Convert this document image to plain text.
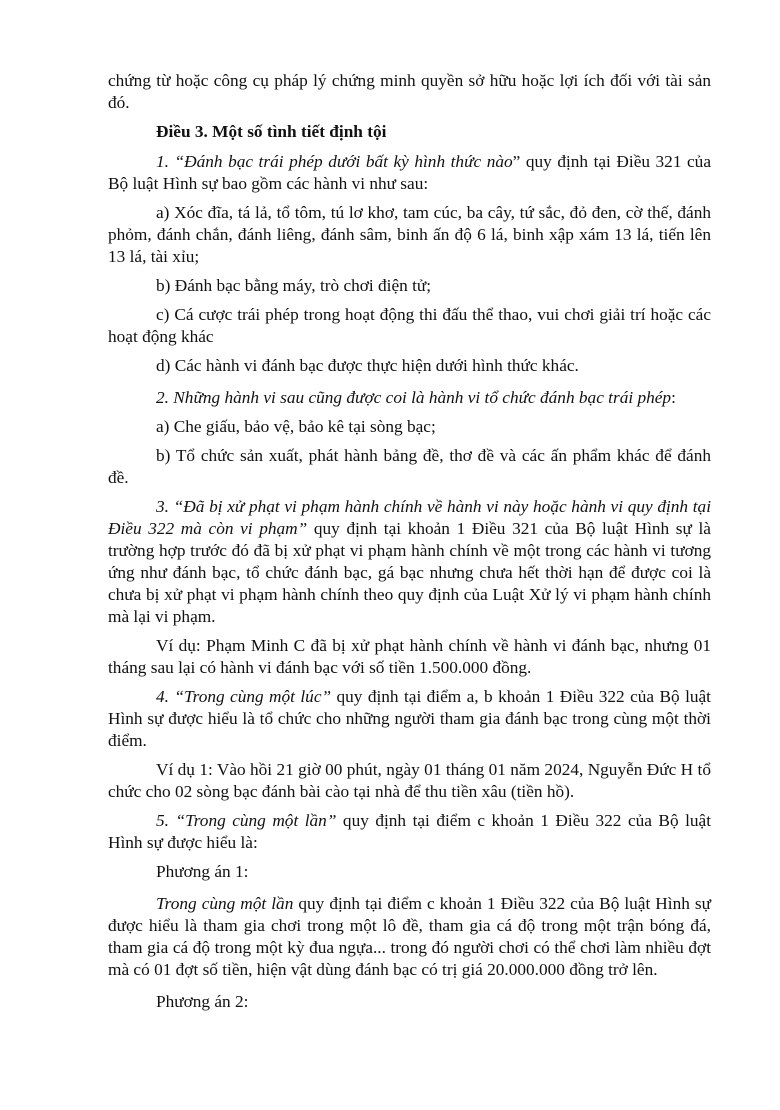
chứng từ hoặc công cụ pháp lý chứng minh quyền sở hữu hoặc lợi ích đối với tài sản đó.

Điều 3. Một số tình tiết định tội

1. “Đánh bạc trái phép dưới bất kỳ hình thức nào” quy định tại Điều 321 của Bộ luật Hình sự bao gồm các hành vi như sau:

a) Xóc đĩa, tá lả, tổ tôm, tú lơ khơ, tam cúc, ba cây, tứ sắc, đỏ đen, cờ thế, đánh phỏm, đánh chắn, đánh liêng, đánh sâm, binh ấn độ 6 lá, binh xập xám 13 lá, tiến lên 13 lá, tài xỉu;

b) Đánh bạc bằng máy, trò chơi điện tử;

c) Cá cược trái phép trong hoạt động thi đấu thể thao, vui chơi giải trí hoặc các hoạt động khác

d) Các hành vi đánh bạc được thực hiện dưới hình thức khác.

2. Những hành vi sau cũng được coi là hành vi tổ chức đánh bạc trái phép:

a) Che giấu, bảo vệ, bảo kê tại sòng bạc;

b) Tổ chức sản xuất, phát hành bảng đề, thơ đề và các ấn phẩm khác để đánh đề.

3. “Đã bị xử phạt vi phạm hành chính về hành vi này hoặc hành vi quy định tại Điều 322 mà còn vi phạm” quy định tại khoản 1 Điều 321 của Bộ luật Hình sự là trường hợp trước đó đã bị xử phạt vi phạm hành chính về một trong các hành vi tương ứng như đánh bạc, tổ chức đánh bạc, gá bạc nhưng chưa hết thời hạn để được coi là chưa bị xử phạt vi phạm hành chính theo quy định của Luật Xử lý vi phạm hành chính mà lại vi phạm.

Ví dụ: Phạm Minh C đã bị xử phạt hành chính về hành vi đánh bạc, nhưng 01 tháng sau lại có hành vi đánh bạc với số tiền 1.500.000 đồng.

4. “Trong cùng một lúc” quy định tại điểm a, b khoản 1 Điều 322 của Bộ luật Hình sự được hiểu là tổ chức cho những người tham gia đánh bạc trong cùng một thời điểm.

Ví dụ 1: Vào hồi 21 giờ 00 phút, ngày 01 tháng 01 năm 2024, Nguyễn Đức H tổ chức cho 02 sòng bạc đánh bài cào tại nhà để thu tiền xâu (tiền hồ).

5. “Trong cùng một lần” quy định tại điểm c khoản 1 Điều 322 của Bộ luật Hình sự được hiểu là:

Phương án 1:

Trong cùng một lần quy định tại điểm c khoản 1 Điều 322 của Bộ luật Hình sự được hiểu là tham gia chơi trong một lô đề, tham gia cá độ trong một trận bóng đá, tham gia cá độ trong một kỳ đua ngựa... trong đó người chơi có thể chơi làm nhiều đợt mà có 01 đợt số tiền, hiện vật dùng đánh bạc có trị giá 20.000.000 đồng trở lên.

Phương án 2:
